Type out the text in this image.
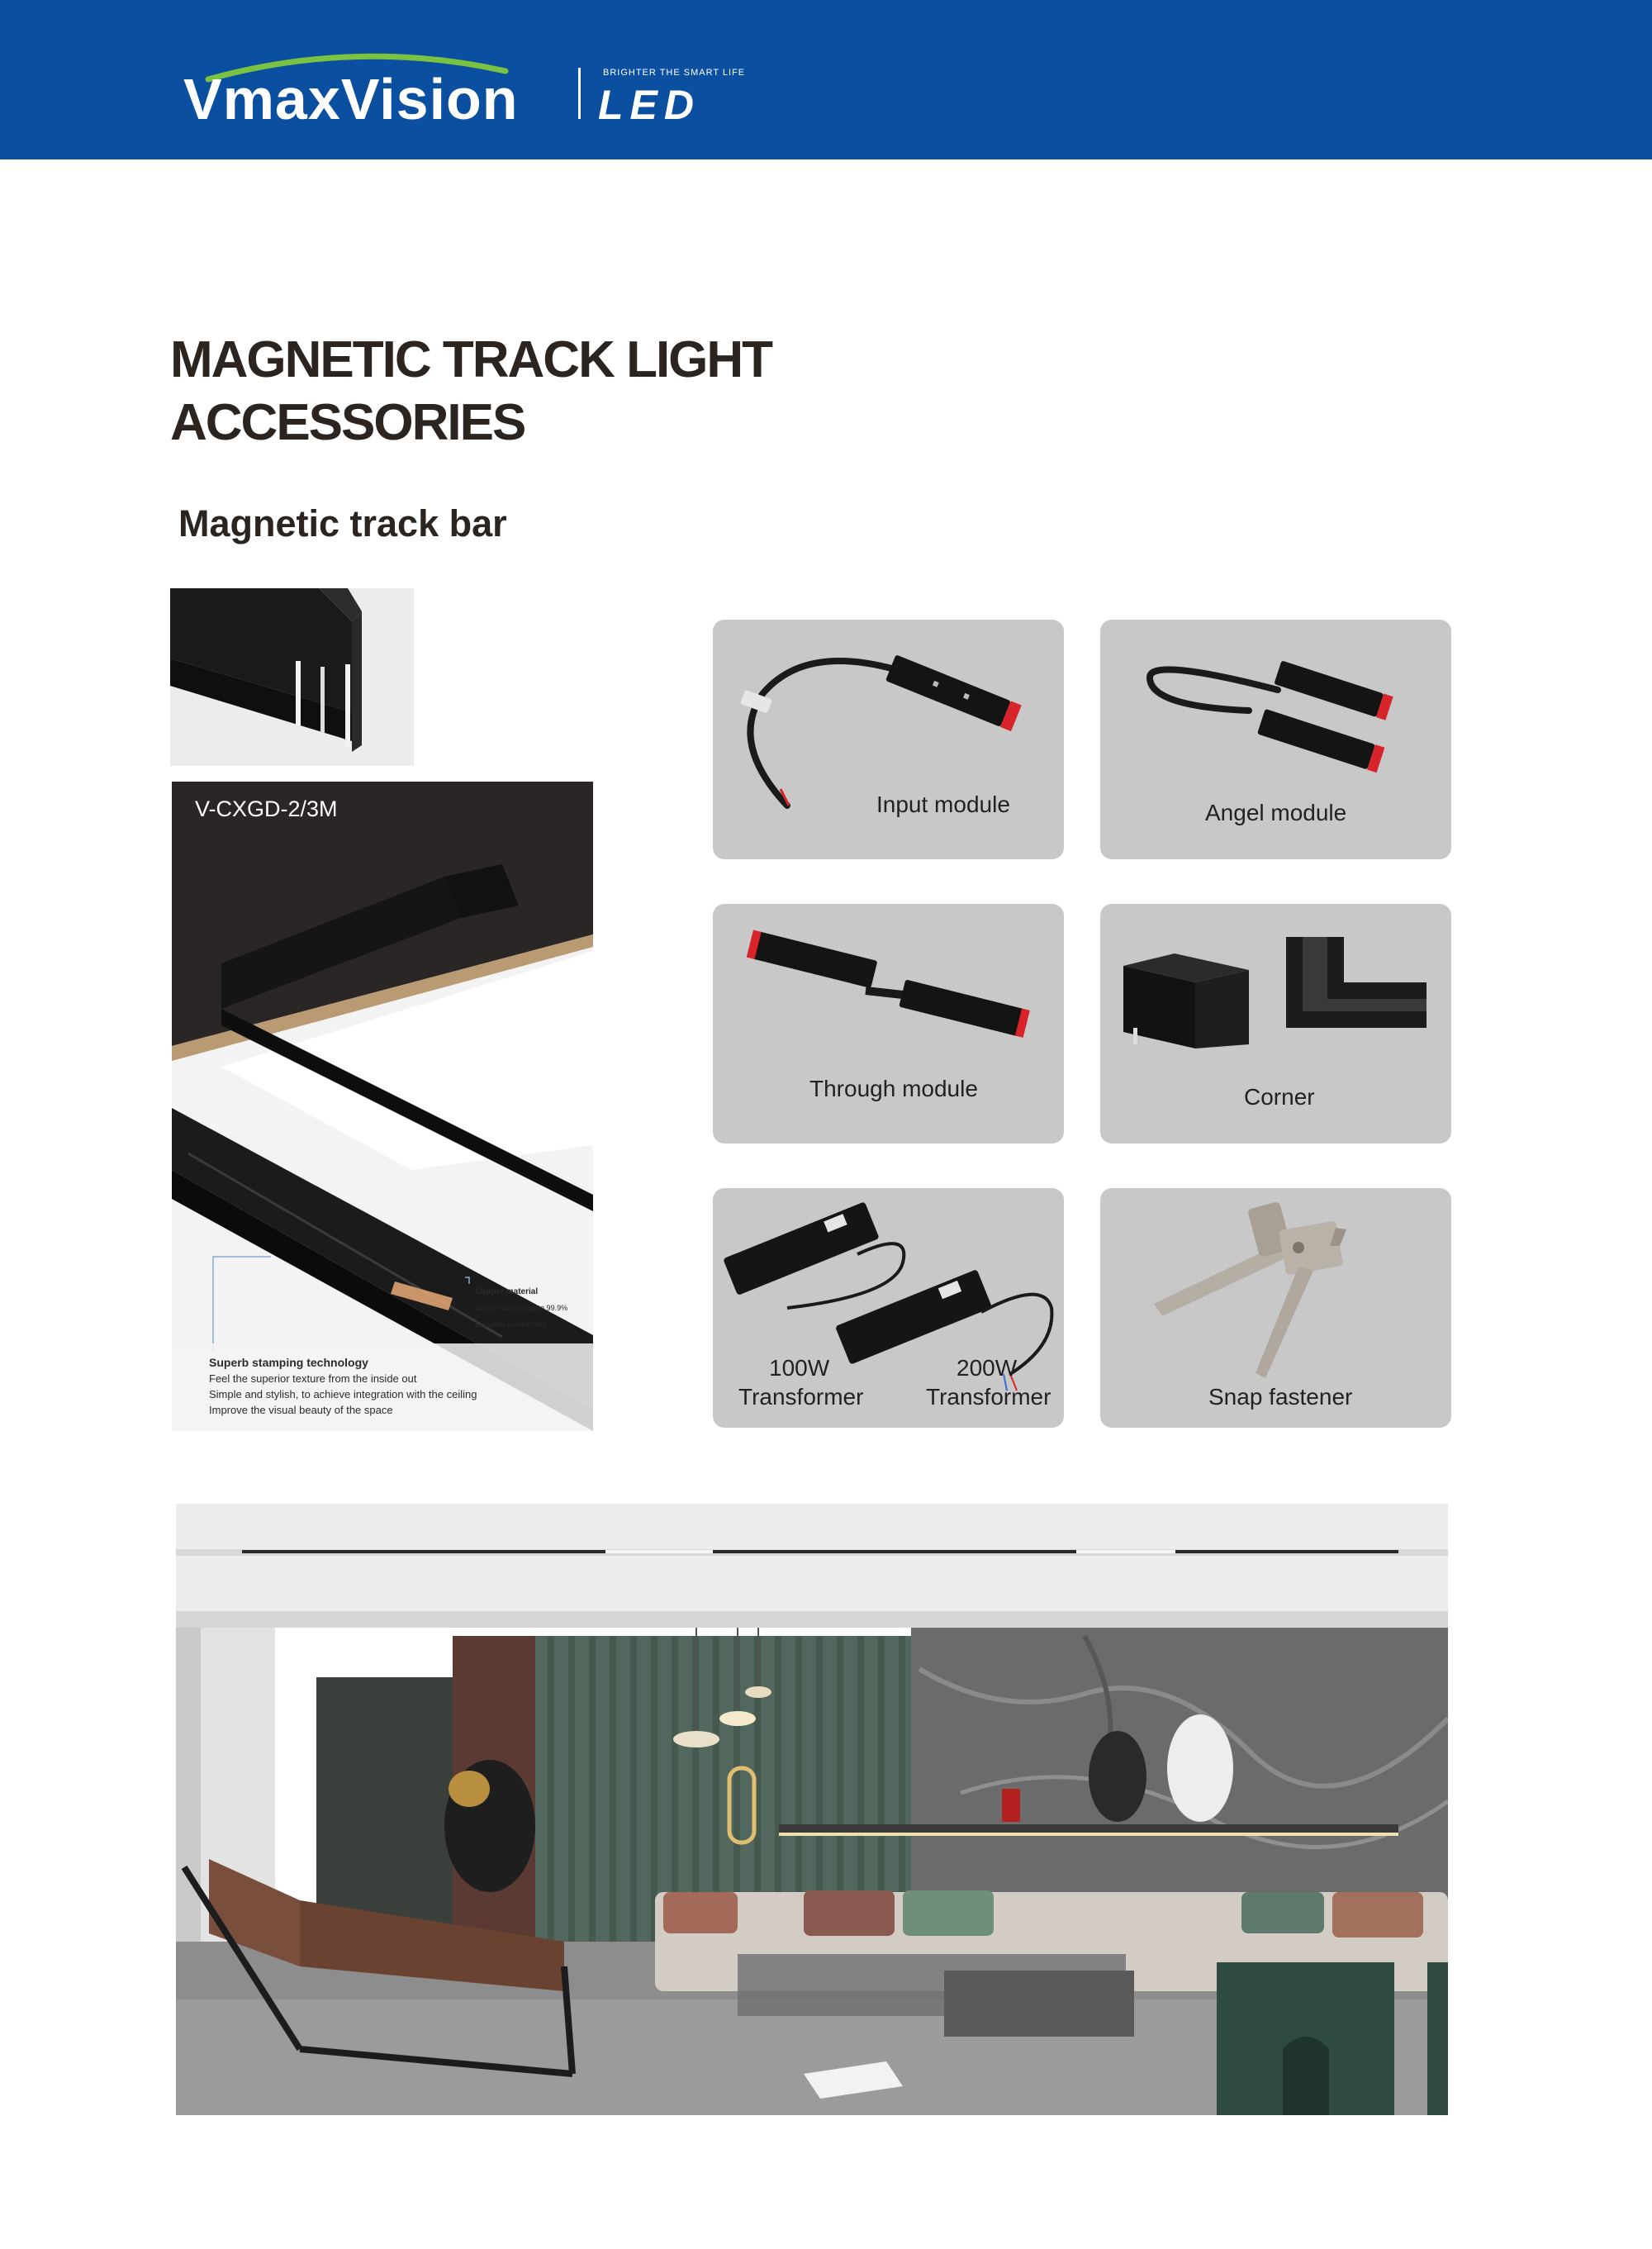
VmaxVision	BRIGHTER THE SMART LIFE
LED
MAGNETIC TRACK LIGHT
ACCESSORIES
Magnetic track bar
V-CXGD-2/3M
Copper material
Copper content up to 99.9%
Excellent conductivity
Superb stamping technology
Feel the superior texture from the inside out
Simple and stylish, to achieve integration with the ceiling
Improve the visual beauty of the space
Input module	Angel module
Through module	Corner
100W
Transformer
200W
Transformer	Snap fastener
